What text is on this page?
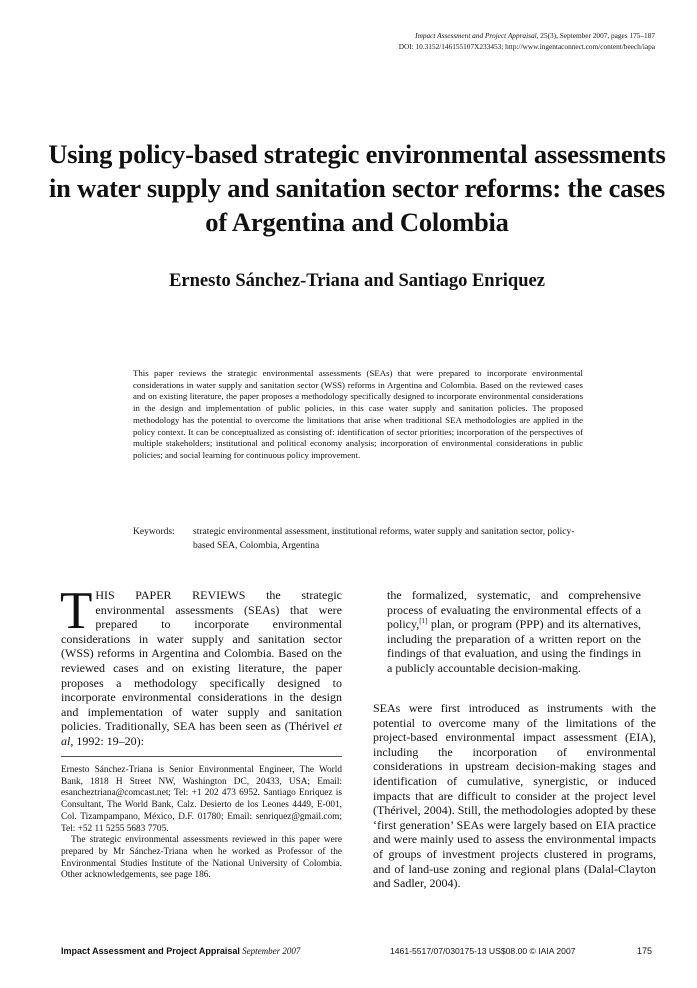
Impact Assessment and Project Appraisal, 25(3), September 2007, pages 175–187
DOI: 10.3152/146155107X233453; http://www.ingentaconnect.com/content/beech/iapa
Using policy-based strategic environmental assessments in water supply and sanitation sector reforms: the cases of Argentina and Colombia
Ernesto Sánchez-Triana and Santiago Enriquez
This paper reviews the strategic environmental assessments (SEAs) that were prepared to incorporate environmental considerations in water supply and sanitation sector (WSS) reforms in Argentina and Colombia. Based on the reviewed cases and on existing literature, the paper proposes a methodology specifically designed to incorporate environmental considerations in the design and implementation of public policies, in this case water supply and sanitation policies. The proposed methodology has the potential to overcome the limitations that arise when traditional SEA methodologies are applied in the policy context. It can be conceptualized as consisting of: identification of sector priorities; incorporation of the perspectives of multiple stakeholders; institutional and political economy analysis; incorporation of environmental considerations in public policies; and social learning for continuous policy improvement.
Keywords: strategic environmental assessment, institutional reforms, water supply and sanitation sector, policy-based SEA, Colombia, Argentina

THIS PAPER REVIEWS the strategic environmental assessments (SEAs) that were prepared to incorporate environmental considerations in water supply and sanitation sector (WSS) reforms in Argentina and Colombia. Based on the reviewed cases and on existing literature, the paper proposes a methodology specifically designed to incorporate environmental considerations in the design and implementation of water supply and sanitation policies. Traditionally, SEA has been seen as (Thérivel et al, 1992: 19–20):

Ernesto Sánchez-Triana is Senior Environmental Engineer, The World Bank, 1818 H Street NW, Washington DC, 20433, USA; Email: esancheztriana@comcast.net; Tel: +1 202 473 6952. Santiago Enriquez is Consultant, The World Bank, Calz. Desierto de los Leones 4449, E-001, Col. Tizampampano, México, D.F. 01780; Email: senriquez@gmail.com; Tel: +52 11 5255 5683 7705.

The strategic environmental assessments reviewed in this paper were prepared by Mr Sánchez-Triana when he worked as Professor of the Environmental Studies Institute of the National University of Colombia. Other acknowledgements, see page 186.

the formalized, systematic, and comprehensive process of evaluating the environmental effects of a policy,[1] plan, or program (PPP) and its alternatives, including the preparation of a written report on the findings of that evaluation, and using the findings in a publicly accountable decision-making.

SEAs were first introduced as instruments with the potential to overcome many of the limitations of the project-based environmental impact assessment (EIA), including the incorporation of environmental considerations in upstream decision-making stages and identification of cumulative, synergistic, or induced impacts that are difficult to consider at the project level (Thérivel, 2004). Still, the methodologies adopted by these ‘first generation’ SEAs were largely based on EIA practice and were mainly used to assess the environmental impacts of groups of investment projects clustered in programs, and of land-use zoning and regional plans (Dalal-Clayton and Sadler, 2004).

Impact Assessment and Project Appraisal September 2007	1461-5517/07/030175-13 US$08.00 © IAIA 2007	175
